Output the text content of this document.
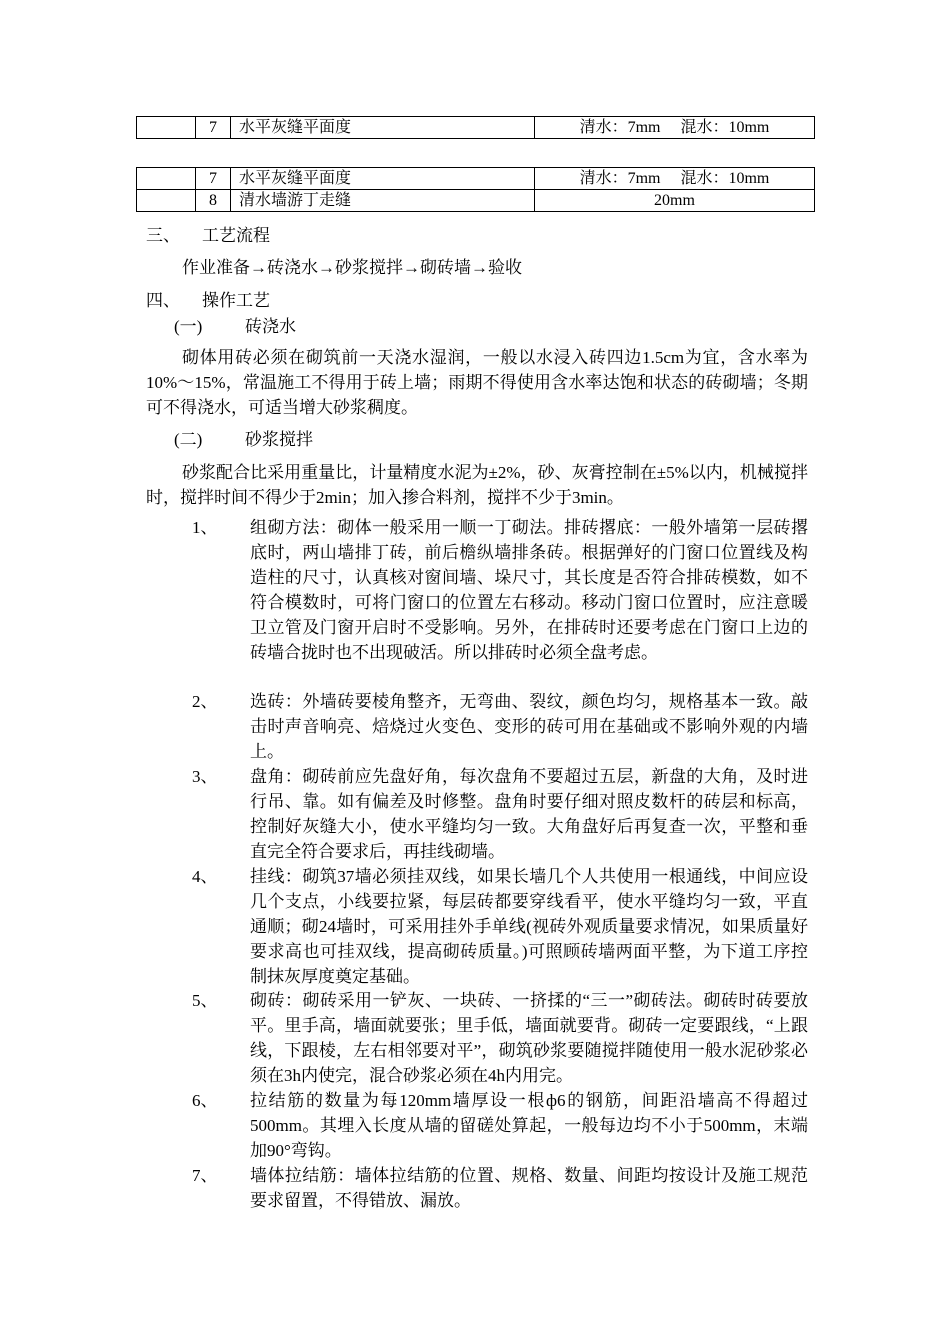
	7	水平灰缝平面度	清水：7mm　 混水：10mm
	7	水平灰缝平面度	清水：7mm　 混水：10mm
	8	清水墙游丁走缝	20mm
三、 工艺流程
作业准备→砖浇水→砂浆搅拌→砌砖墙→验收
四、 操作工艺
(一)	砖浇水
砌体用砖必须在砌筑前一天浇水湿润，一般以水浸入砖四边1.5cm为宜，含水率为10%～15%，常温施工不得用于砖上墙；雨期不得使用含水率达饱和状态的砖砌墙；冬期可不得浇水，可适当增大砂浆稠度。
(二)	砂浆搅拌
砂浆配合比采用重量比，计量精度水泥为±2%，砂、灰膏控制在±5%以内，机械搅拌时，搅拌时间不得少于2min；加入掺合料剂，搅拌不少于3min。
1、 组砌方法：砌体一般采用一顺一丁砌法。排砖撂底：一般外墙第一层砖撂底时，两山墙排丁砖，前后檐纵墙排条砖。根据弹好的门窗口位置线及构造柱的尺寸，认真核对窗间墙、垛尺寸，其长度是否符合排砖模数，如不符合模数时，可将门窗口的位置左右移动。移动门窗口位置时，应注意暖卫立管及门窗开启时不受影响。另外，在排砖时还要考虑在门窗口上边的砖墙合拢时也不出现破活。所以排砖时必须全盘考虑。
2、 选砖：外墙砖要棱角整齐，无弯曲、裂纹，颜色均匀，规格基本一致。敲击时声音响亮、焙烧过火变色、变形的砖可用在基础或不影响外观的内墙上。
3、 盘角：砌砖前应先盘好角，每次盘角不要超过五层，新盘的大角，及时进行吊、靠。如有偏差及时修整。盘角时要仔细对照皮数杆的砖层和标高，控制好灰缝大小，使水平缝均匀一致。大角盘好后再复查一次，平整和垂直完全符合要求后，再挂线砌墙。
4、 挂线：砌筑37墙必须挂双线，如果长墙几个人共使用一根通线，中间应设几个支点，小线要拉紧，每层砖都要穿线看平，使水平缝均匀一致，平直通顺；砌24墙时，可采用挂外手单线(视砖外观质量要求情况，如果质量好要求高也可挂双线，提高砌砖质量。)可照顾砖墙两面平整，为下道工序控制抹灰厚度奠定基础。
5、 砌砖：砌砖采用一铲灰、一块砖、一挤揉的“三一”砌砖法。砌砖时砖要放平。里手高，墙面就要张；里手低，墙面就要背。砌砖一定要跟线，“上跟线，下跟棱，左右相邻要对平”，砌筑砂浆要随搅拌随使用一般水泥砂浆必须在3h内使完，混合砂浆必须在4h内用完。
6、 拉结筋的数量为每120mm墙厚设一根ф6的钢筋，间距沿墙高不得超过500mm。其埋入长度从墙的留磋处算起，一般每边均不小于500mm，末端加90°弯钩。
7、 墙体拉结筋：墙体拉结筋的位置、规格、数量、间距均按设计及施工规范要求留置，不得错放、漏放。
